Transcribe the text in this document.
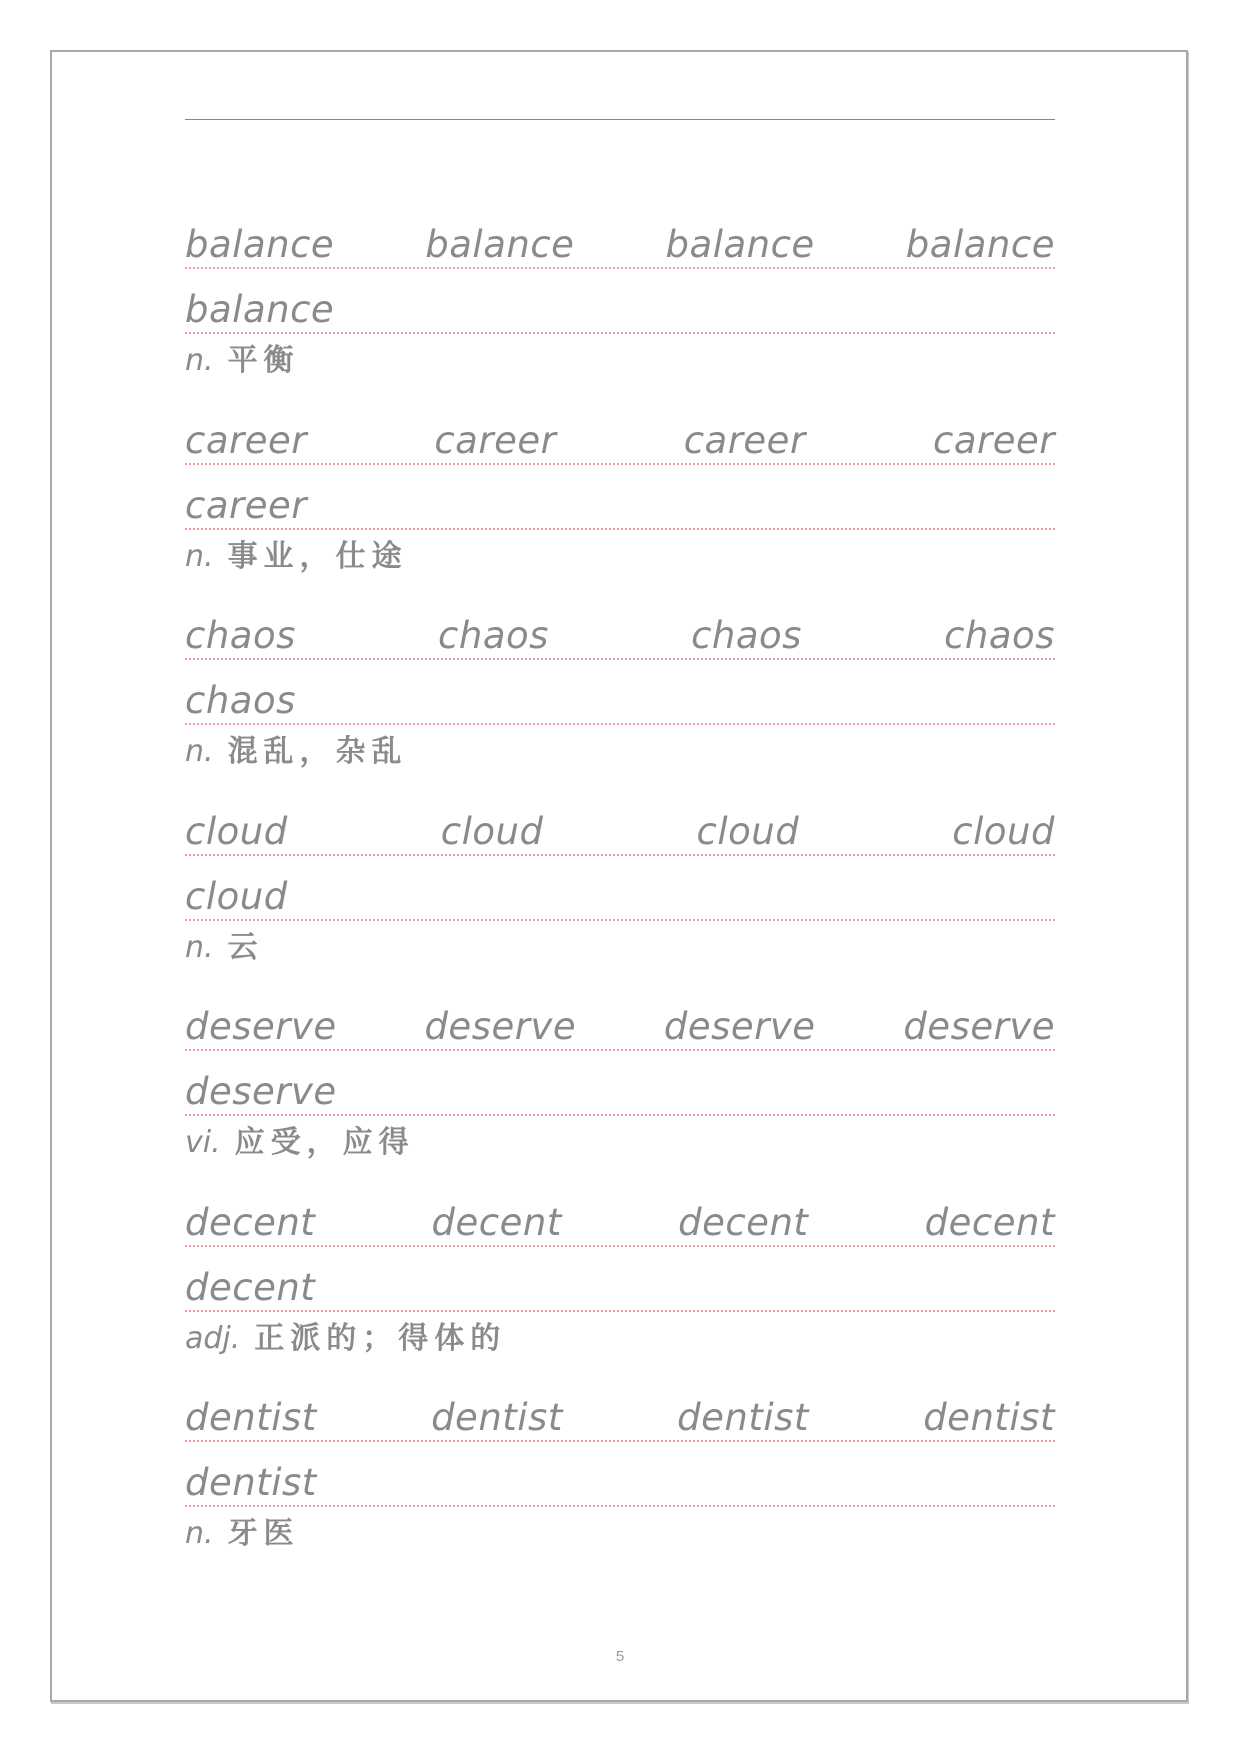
balance balance balance balance
balance
n. 平衡
career	career	career	career
career
n. 事业，仕途
chaos	chaos	chaos	chaos
chaos
n. 混乱，杂乱
cloud	cloud	cloud	cloud
cloud
n. 云
deserve deserve deserve deserve
deserve
vi. 应受，应得
decent	decent	decent	decent
decent
adj. 正派的；得体的
dentist	dentist	dentist	dentist
dentist
n. 牙医
5
